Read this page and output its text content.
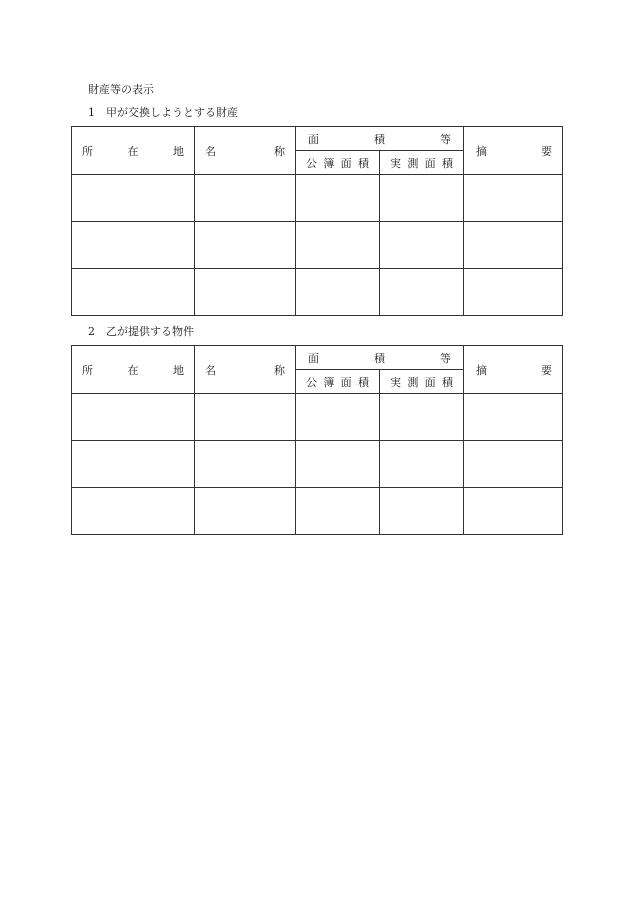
財産等の表示
1 甲が交換しようとする財産
所 在 地	名 称	面 積 等		摘 要

		公 簿 面 積	実 測 面 積	

2 乙が提供する物件
所 在 地	名 称	面 積 等		摘 要

		公 簿 面 積	実 測 面 積	
